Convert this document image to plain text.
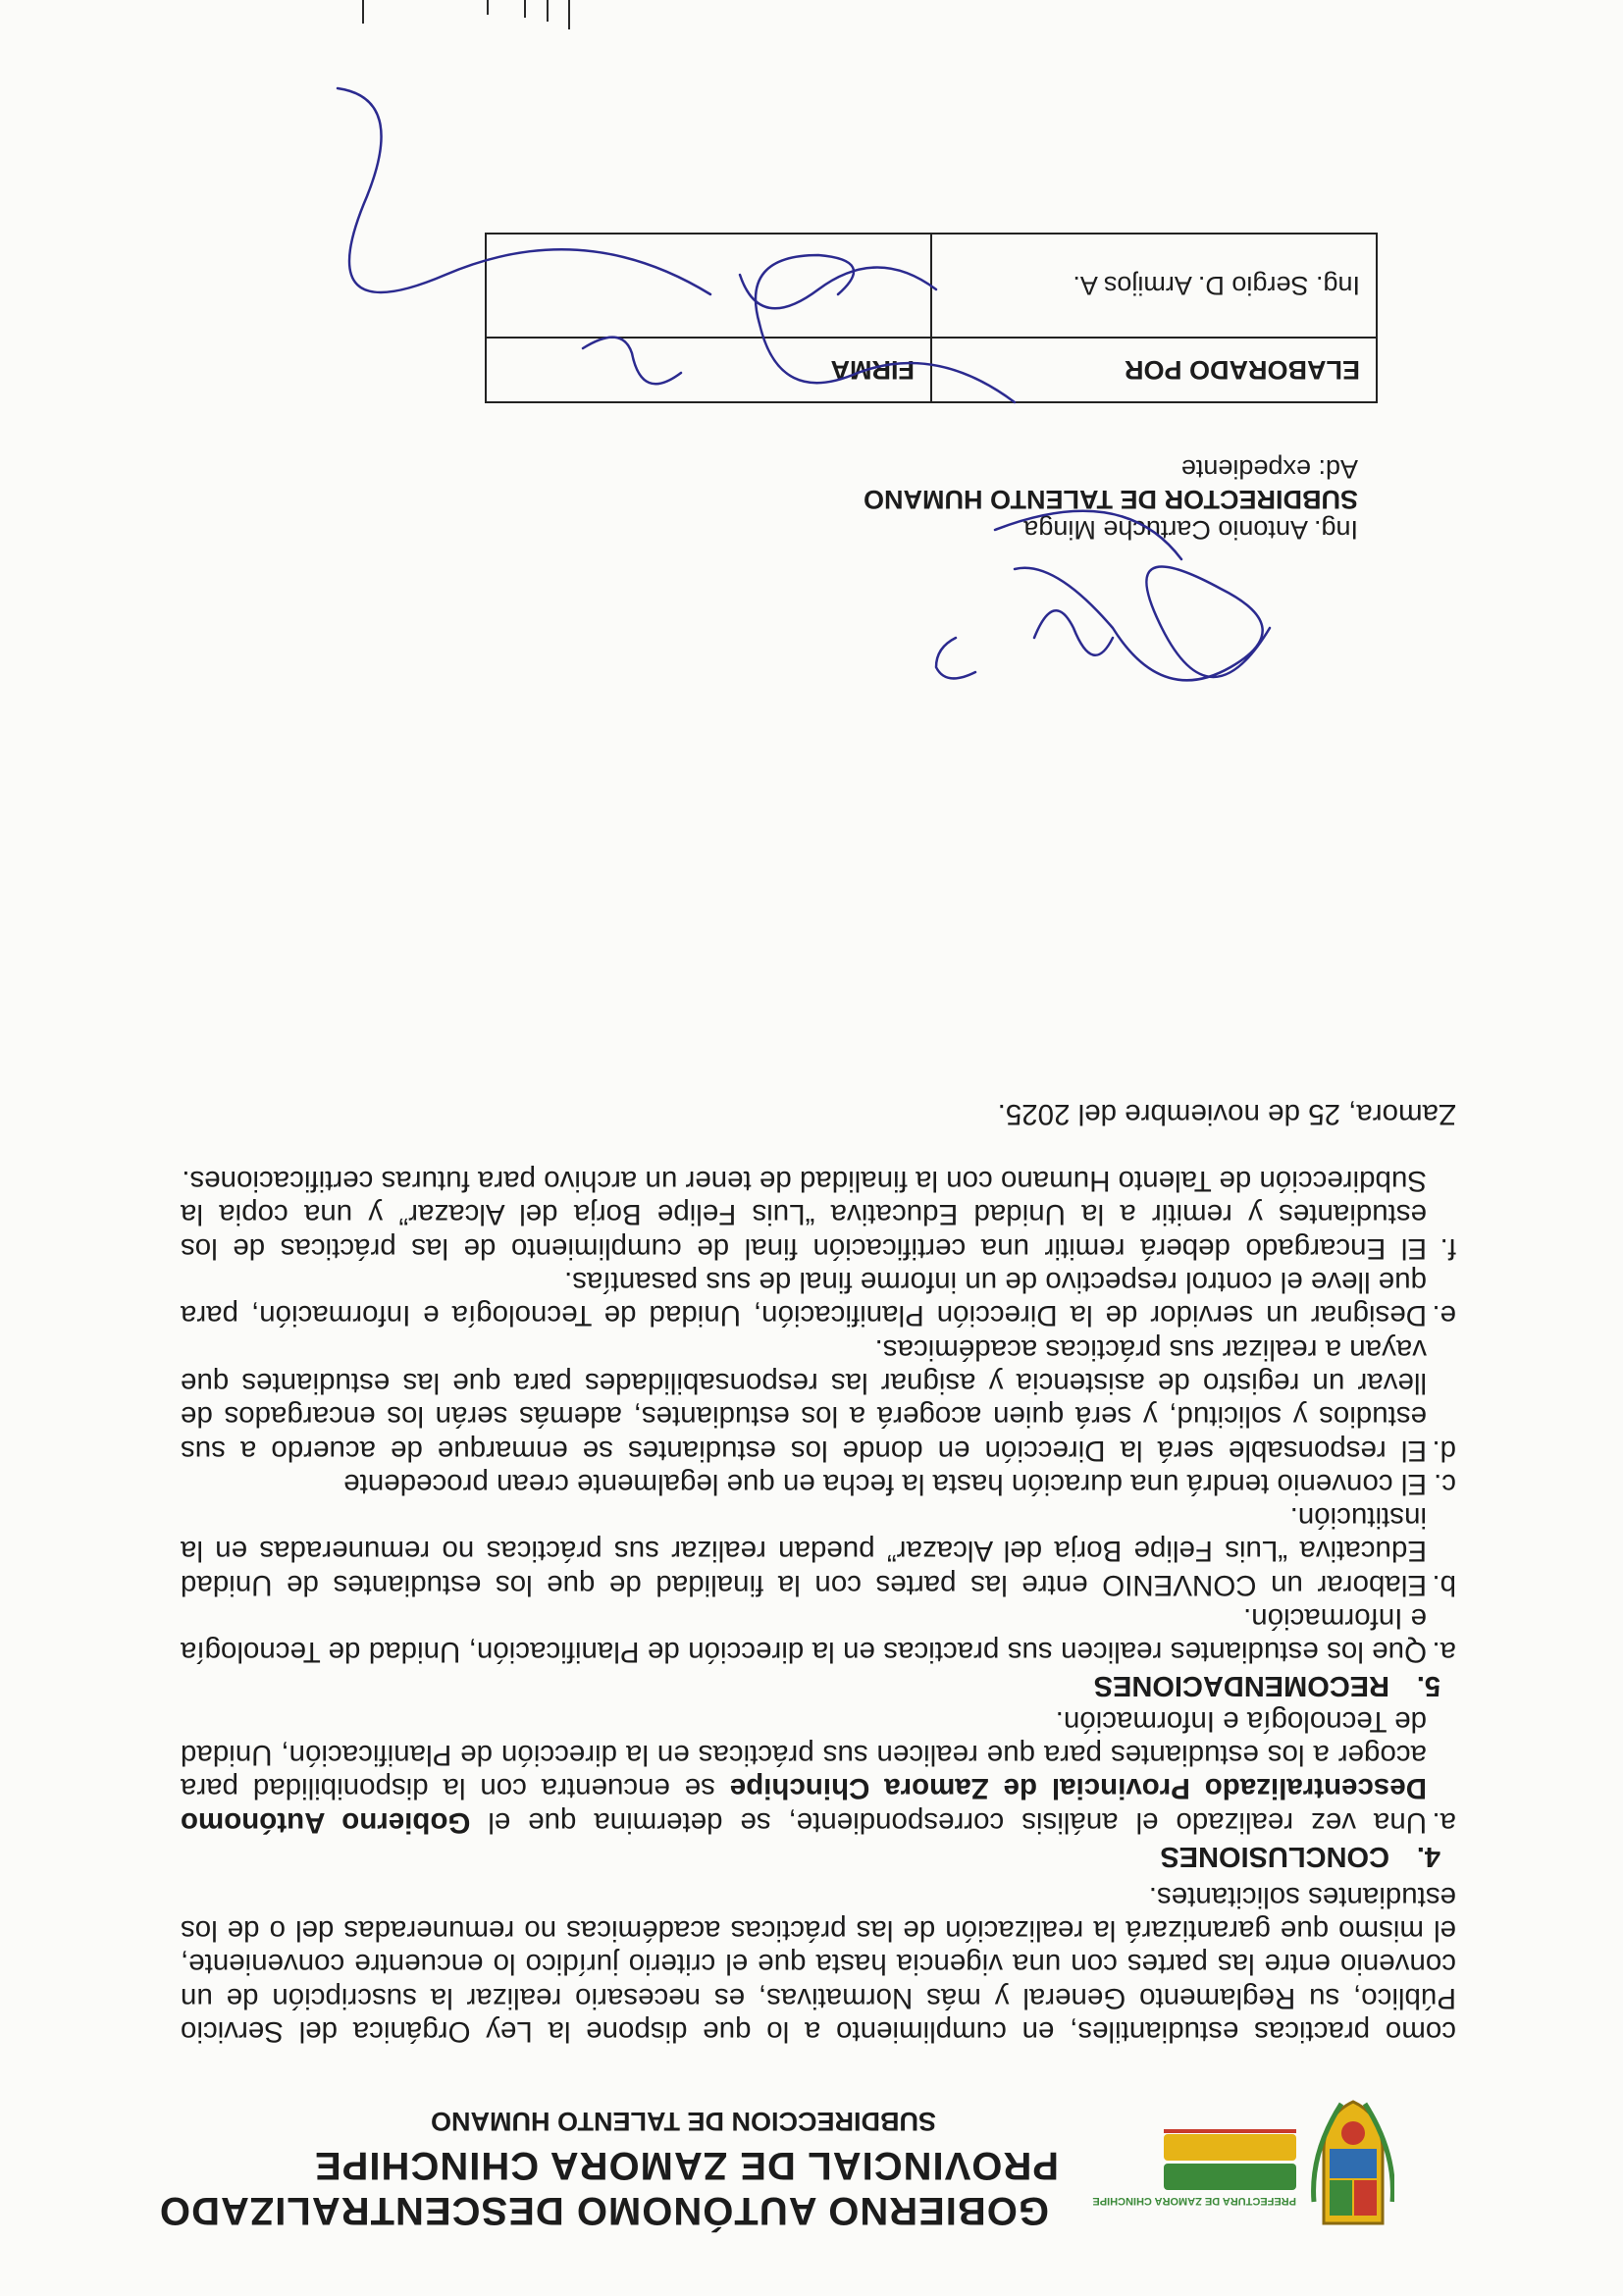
PREFECTURA DE ZAMORA CHINCHIPE
GOBIERNO AUTÓNOMO DESCENTRALIZADO
PROVINCIAL DE ZAMORA CHINCHIPE
SUBDIRECCION DE TALENTO HUMANO

como practicas estudiantiles, en cumplimiento a lo que dispone la Ley Orgánica del Servicio Público, su Reglamento General y más Normativas, es necesario realizar la suscripción de un convenio entre las partes con una vigencia hasta que el criterio jurídico lo encuentre conveniente, el mismo que garantizará la realización de las prácticas académicas no remuneradas del o de los estudiantes solicitantes.

4.CONCLUSIONES
a.
Una vez realizado el análisis correspondiente, se determina que el Gobierno Autónomo Descentralizado Provincial de Zamora Chinchipe se encuentra con la disponibilidad para acoger a los estudiantes para que realicen sus prácticas en la dirección de Planificación, Unidad de Tecnología e Información.
5.RECOMENDACIONES
a.
Que los estudiantes realicen sus practicas en la dirección de Planificación, Unidad de Tecnología e Información.
b.
Elaborar un CONVENIO entre las partes con la finalidad de que los estudiantes de Unidad Educativa “Luis Felipe Borja del Alcazar” puedan realizar sus prácticas no remuneradas en la institución.
c.
El convenio tendrá una duración hasta la fecha en que legalmente crean procedente
d.
El responsable será la Dirección en donde los estudiantes se enmarque de acuerdo a sus estudios y solicitud, y será quien acogerá a los estudiantes, además serán los encargados de llevar un registro de asistencia y asignar las responsabilidades para que las estudiantes que vayan a realizar sus prácticas académicas.
e.
Designar un servidor de la Dirección Planificación, Unidad de Tecnología e Información, para que lleve el control respectivo de un informe final de sus pasantías.
f.
El Encargado deberá remitir una certificación final de cumplimiento de las prácticas de los estudiantes y remitir a la Unidad Educativa “Luis Felipe Borja del Alcazar” y una copia la Subdirección de Talento Humano con la finalidad de tener un archivo para futuras certificaciones.

Zamora, 25 de noviembre del 2025.

Ing. Antonio Cartuche Minga
SUBDIRECTOR DE TALENTO HUMANO
Ad: expediente
ELABORADO POR	FIRMA
Ing. Sergio D. Armijos A.	
